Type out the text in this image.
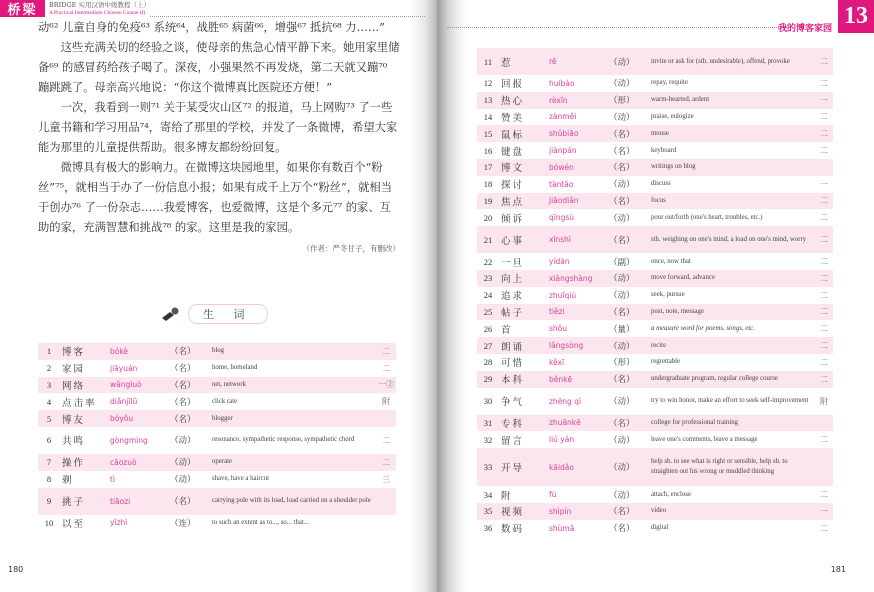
桥梁	BRIDGE 实用汉语中级教程（上）
A Practical Intermediate Chinese Course (I)

动⁶² 儿童自身的免疫⁶³ 系统⁶⁴，战胜⁶⁵ 病菌⁶⁶，增强⁶⁷ 抵抗⁶⁸ 力……”

这些充满关切的经验之谈，使母亲的焦急心情平静下来。她用家里储备⁶⁹ 的感冒药给孩子喝了。深夜，小强果然不再发烧，第二天就又蹦⁷⁰ 蹦跳跳了。母亲高兴地说：“你这个微博真比医院还方便！”

一次，我看到一则⁷¹ 关于某受灾山区⁷² 的报道，马上网购⁷³ 了一些儿童书籍和学习用品⁷⁴，寄给了那里的学校，并发了一条微博，希望大家能为那里的儿童提供帮助。很多博友都纷纷回复。

微博具有极大的影响力。在微博这块园地里，如果你有数百个“粉丝”⁷⁵，就相当于办了一份信息小报；如果有成千上万个“粉丝”，就相当于创办⁷⁶ 了一份杂志……我爱博客，也爱微博，这是个多元⁷⁷ 的家、互助的家，充满智慧和挑战⁷⁸ 的家。这里是我的家园。

（作者：严冬甘子，有删改）
生 词
1	博客	bókè	（名）	blog	二
2	家园	jiāyuán	（名）	home, homeland	二
3	网络	wǎngluò	（名）	net, network	一②
4	点击率	diǎnjīlǜ	（名）	click rate	附
5	博友	bóyǒu	（名）	blogger
6	共鸣	gòngmíng	（动）	resonance, sympathetic response, sympathetic chord	二
7	操作	cāozuò	（动）	operate	二
8	剃	tì	（动）	shave, have a haircut	三
9	挑子	tiāozi	（名）	carrying pole with its load, load carried on a shoulder pole
10 以至	yǐzhì	（连）	to such an extent as to..., so... that...
180
我的博客家园 13
11 惹	rě	（动）	invite or ask for (sth. undesirable), offend, provoke	二
12 回报	huíbào	（动）	repay, requite	二
13 热心	rèxīn	（形）	warm-hearted, ardent	一
14 赞美	zànměi	（动）	praise, eulogize	二
15 鼠标	shǔbiāo	（名）	mouse	二
16 键盘	jiànpán	（名）	keyboard	二
17 博文	bówén	（名）	writings on blog
18 探讨	tàntǎo	（动）	discuss	一
19 焦点	jiāodiǎn	（名）	focus	二
20 倾诉	qīngsù	（动）	pour out/forth (one's heart, troubles, etc.)	二
21 心事	xīnshì	（名）	sth. weighing on one's mind, a load on one's mind, worry	二
22 一旦	yídàn	（副）	once, now that	二
23 向上	xiàngshàng	（动）	move forward, advance	二
24 追求	zhuīqiú	（动）	seek, pursue	二
25 帖子	tiězi	（名）	post, note, message	二
26 首	shǒu	（量）	a measure word for poems, songs, etc.	二
27 朗诵	lǎngsòng	（动）	recite	二
28 可惜	kěxī	（形）	regrettable	二
29 本科	běnkē	（名）	undergraduate program, regular college course	二
30 争气	zhēng qì	（动）	try to win honor, make an effort to seek self-improvement	附
31 专科	zhuānkē	（名）	college for professional training
32 留言	liú yán	（动）	leave one's comments, leave a message	二
33 开导	kāidǎo	（动）
help sb. to see what is right or sensible, help sb. to straighten out his wrong or muddled thinking
34 附	fù	（动）	attach, enclose	二
35 视频	shìpín	（名）	video	一
36 数码	shùmǎ	（名）	digital	二
181
